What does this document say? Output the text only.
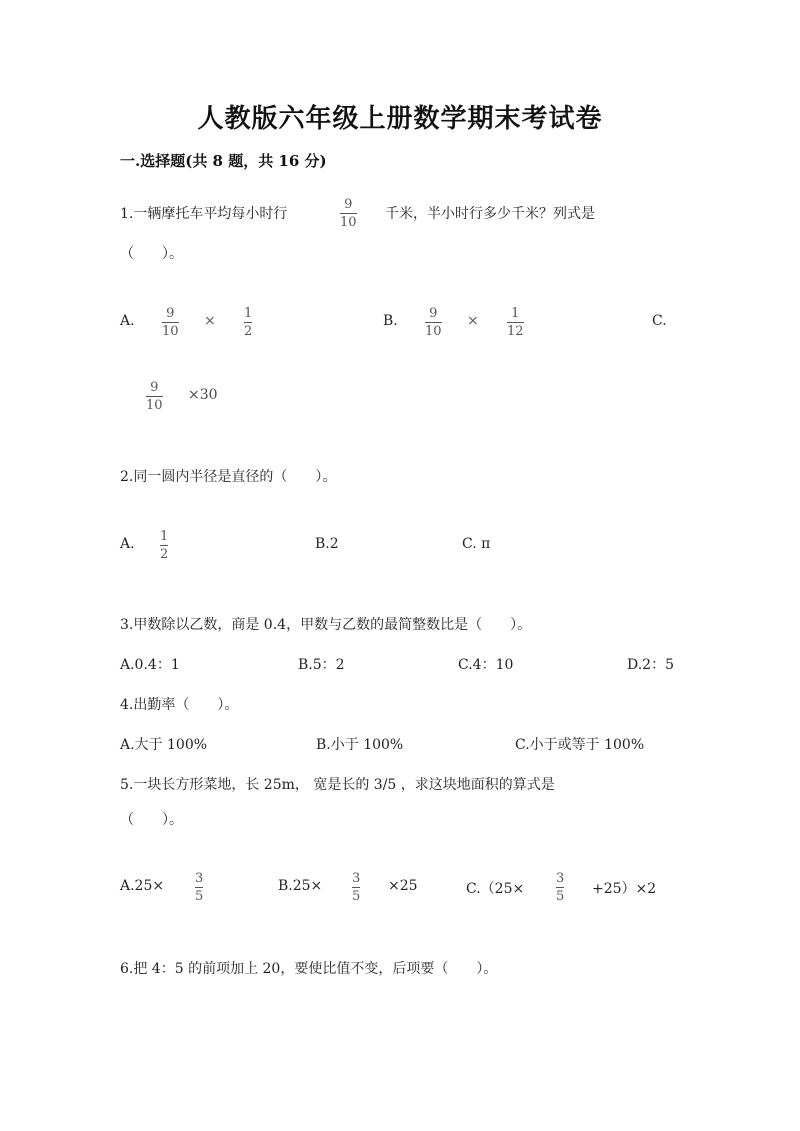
人教版六年级上册数学期末考试卷
一.选择题(共 8 题，共 16 分)
1.一辆摩托车平均每小时行
9
10
千米，半小时行多少千米？列式是
（　　）。
A. 9
10
× 1
2
B. 9
10
× 1
12
C.
9
10
×30
2.同一圆内半径是直径的（　　）。
A. 1
2
B.2	C. π
3.甲数除以乙数，商是 0.4，甲数与乙数的最简整数比是（　　）。
A.0.4：1	B.5：2	C.4：10	D.2：5
4.出勤率（　　）。
A.大于 100%	B.小于 100%	C.小于或等于 100%
5.一块长方形菜地，长 25m， 宽是长的 3/5 ，求这块地面积的算式是
（　　）。
A.25× 3
5
B.25× 3
5
×25	C.（25×
3
5 +25）×2
6.把 4：5 的前项加上 20，要使比值不变，后项要（　　）。
